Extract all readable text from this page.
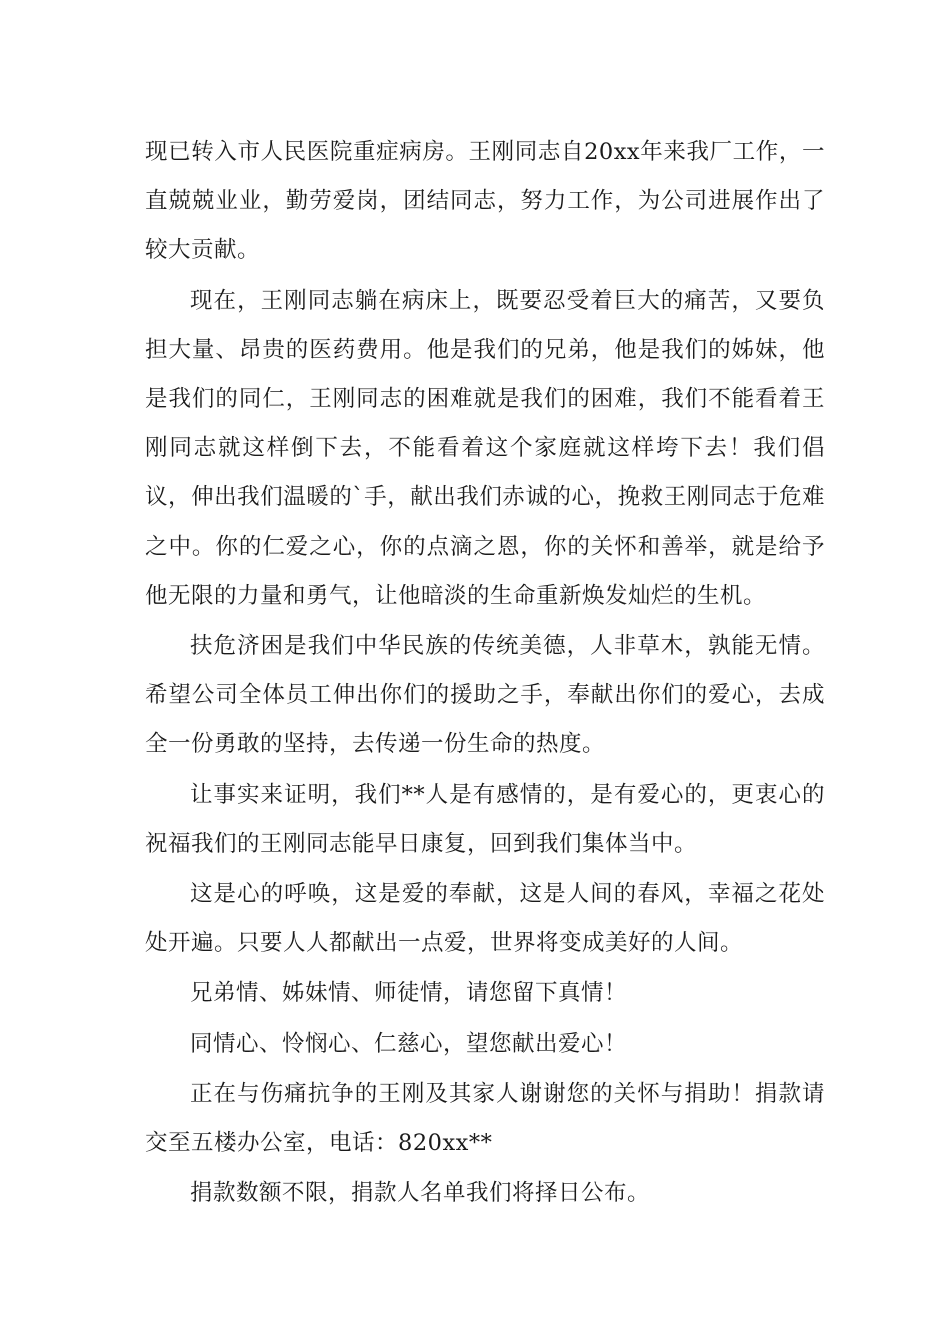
现已转入市人民医院重症病房。王刚同志自20xx年来我厂工作，一直兢兢业业，勤劳爱岗，团结同志，努力工作，为公司进展作出了较大贡献。

现在，王刚同志躺在病床上，既要忍受着巨大的痛苦，又要负担大量、昂贵的医药费用。他是我们的兄弟，他是我们的姊妹，他是我们的同仁，王刚同志的困难就是我们的困难，我们不能看着王刚同志就这样倒下去，不能看着这个家庭就这样垮下去！我们倡议，伸出我们温暖的`手，献出我们赤诚的心，挽救王刚同志于危难之中。你的仁爱之心，你的点滴之恩，你的关怀和善举，就是给予他无限的力量和勇气，让他暗淡的生命重新焕发灿烂的生机。

扶危济困是我们中华民族的传统美德，人非草木，孰能无情。希望公司全体员工伸出你们的援助之手，奉献出你们的爱心，去成全一份勇敢的坚持，去传递一份生命的热度。

让事实来证明，我们**人是有感情的，是有爱心的，更衷心的祝福我们的王刚同志能早日康复，回到我们集体当中。

这是心的呼唤，这是爱的奉献，这是人间的春风，幸福之花处处开遍。只要人人都献出一点爱，世界将变成美好的人间。

兄弟情、姊妹情、师徒情，请您留下真情！

同情心、怜悯心、仁慈心，望您献出爱心！

正在与伤痛抗争的王刚及其家人谢谢您的关怀与捐助！捐款请交至五楼办公室，电话：820xx**

捐款数额不限，捐款人名单我们将择日公布。
